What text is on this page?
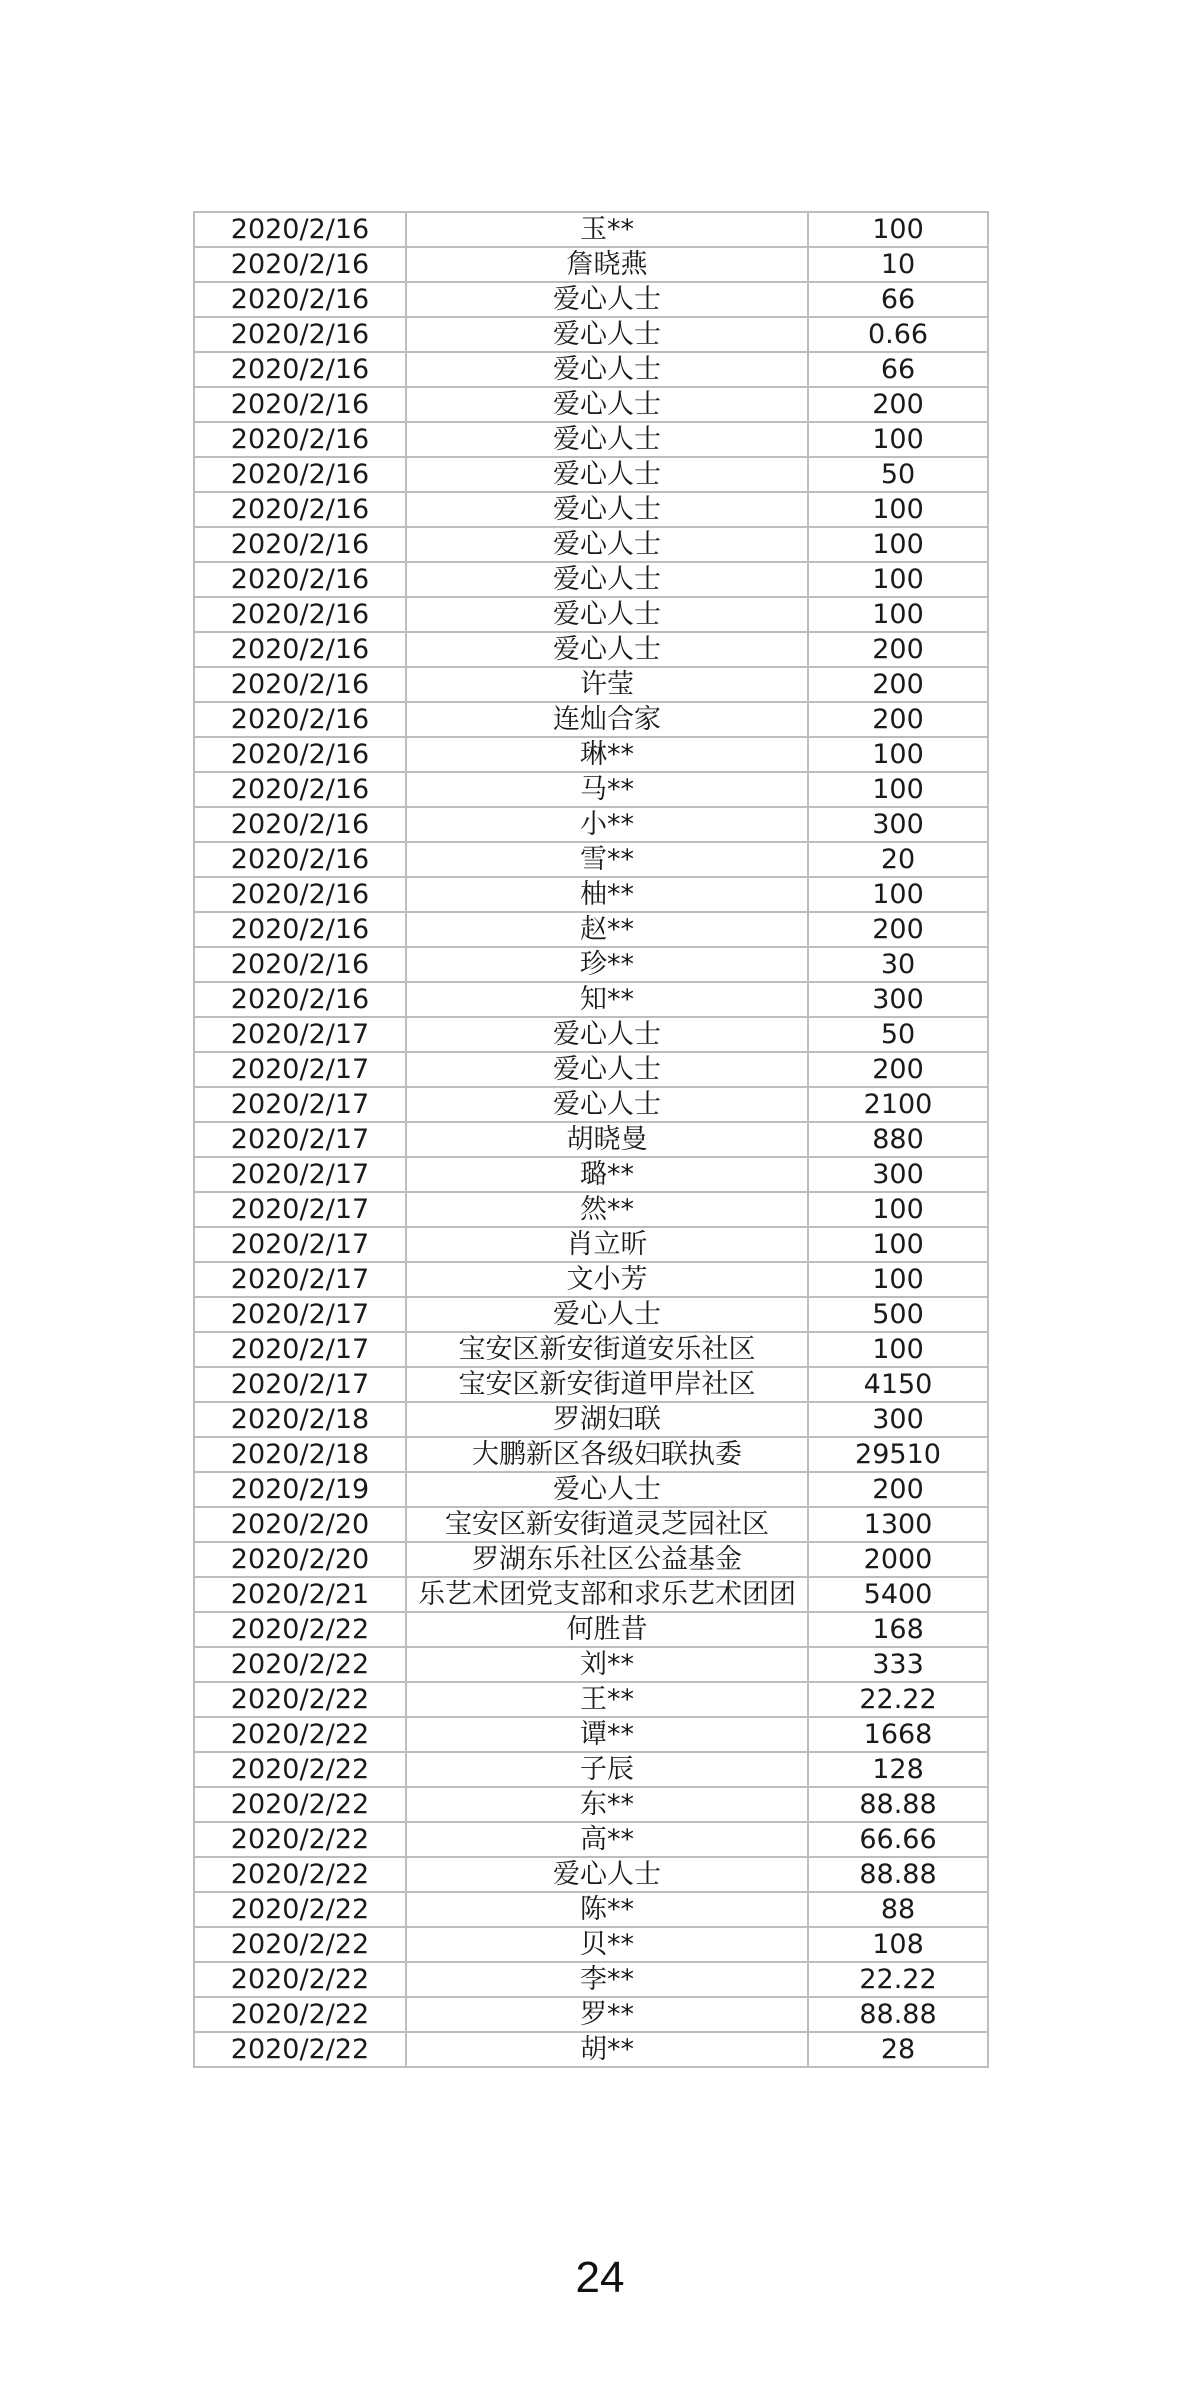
2020/2/16	玉**	100
2020/2/16	詹晓燕	10
2020/2/16	爱心人士	66
2020/2/16	爱心人士	0.66
2020/2/16	爱心人士	66
2020/2/16	爱心人士	200
2020/2/16	爱心人士	100
2020/2/16	爱心人士	50
2020/2/16	爱心人士	100
2020/2/16	爱心人士	100
2020/2/16	爱心人士	100
2020/2/16	爱心人士	100
2020/2/16	爱心人士	200
2020/2/16	许莹	200
2020/2/16	连灿合家	200
2020/2/16	琳**	100
2020/2/16	马**	100
2020/2/16	小**	300
2020/2/16	雪**	20
2020/2/16	柚**	100
2020/2/16	赵**	200
2020/2/16	珍**	30
2020/2/16	知**	300
2020/2/17	爱心人士	50
2020/2/17	爱心人士	200
2020/2/17	爱心人士	2100
2020/2/17	胡晓曼	880
2020/2/17	璐**	300
2020/2/17	然**	100
2020/2/17	肖立昕	100
2020/2/17	文小芳	100
2020/2/17	爱心人士	500
2020/2/17	宝安区新安街道安乐社区	100
2020/2/17	宝安区新安街道甲岸社区	4150
2020/2/18	罗湖妇联	300
2020/2/18	大鹏新区各级妇联执委	29510
2020/2/19	爱心人士	200
2020/2/20	宝安区新安街道灵芝园社区	1300
2020/2/20	罗湖东乐社区公益基金	2000
2020/2/21	乐艺术团党支部和求乐艺术团团	5400
2020/2/22	何胜昔	168
2020/2/22	刘**	333
2020/2/22	王**	22.22
2020/2/22	谭**	1668
2020/2/22	子辰	128
2020/2/22	东**	88.88
2020/2/22	高**	66.66
2020/2/22	爱心人士	88.88
2020/2/22	陈**	88
2020/2/22	贝**	108
2020/2/22	李**	22.22
2020/2/22	罗**	88.88
2020/2/22	胡**	28
24
